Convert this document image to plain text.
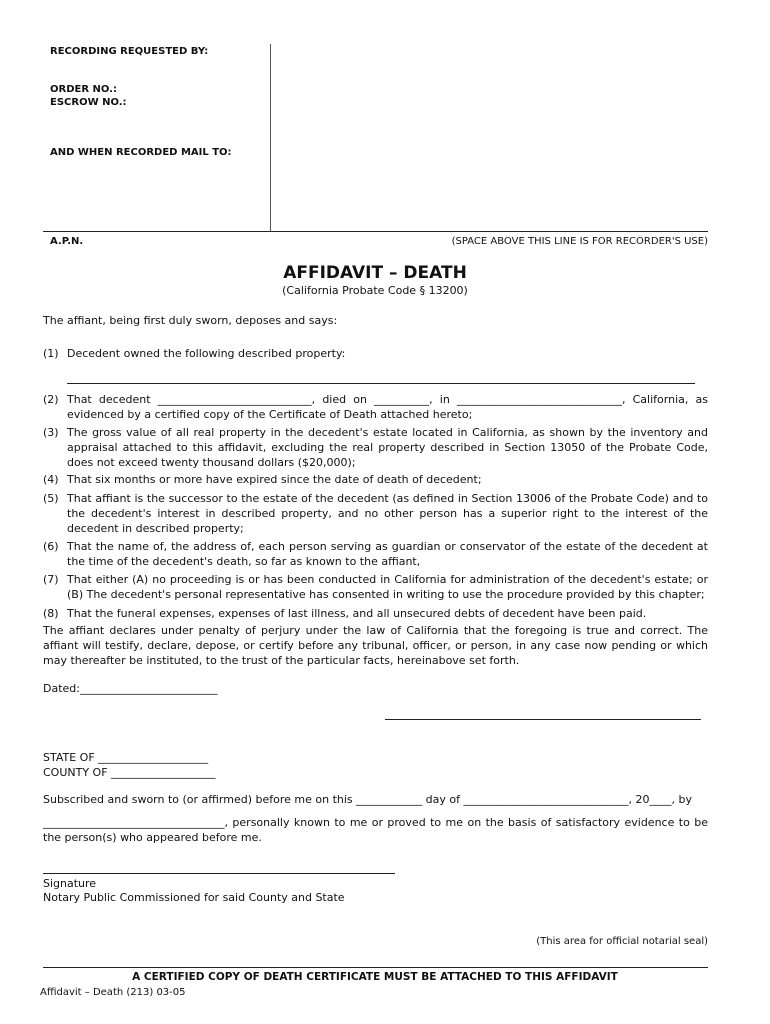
RECORDING REQUESTED BY:
ORDER NO.:
ESCROW NO.:
AND WHEN RECORDED MAIL TO:
A.P.N.	(SPACE ABOVE THIS LINE IS FOR RECORDER'S USE)
AFFIDAVIT – DEATH
(California Probate Code § 13200)
The affiant, being first duly sworn, deposes and says:
(1) Decedent owned the following described property:
(2) That decedent ____________________________, died on __________, in ______________________________, California, as evidenced by a certified copy of the Certificate of Death attached hereto;
(3) The gross value of all real property in the decedent's estate located in California, as shown by the inventory and appraisal attached to this affidavit, excluding the real property described in Section 13050 of the Probate Code, does not exceed twenty thousand dollars ($20,000);
(4) That six months or more have expired since the date of death of decedent;
(5) That affiant is the successor to the estate of the decedent (as defined in Section 13006 of the Probate Code) and to the decedent's interest in described property, and no other person has a superior right to the interest of the decedent in described property;
(6) That the name of, the address of, each person serving as guardian or conservator of the estate of the decedent at the time of the decedent's death, so far as known to the affiant,
(7) That either (A) no proceeding is or has been conducted in California for administration of the decedent's estate; or (B) The decedent's personal representative has consented in writing to use the procedure provided by this chapter;
(8) That the funeral expenses, expenses of last illness, and all unsecured debts of decedent have been paid.
The affiant declares under penalty of perjury under the law of California that the foregoing is true and correct. The affiant will testify, declare, depose, or certify before any tribunal, officer, or person, in any case now pending or which may thereafter be instituted, to the trust of the particular facts, hereinabove set forth.
Dated:_________________________
STATE OF ____________________
COUNTY OF ___________________
Subscribed and sworn to (or affirmed) before me on this ____________ day of ______________________________, 20____, by
_________________________________, personally known to me or proved to me on the basis of satisfactory evidence to be the person(s) who appeared before me.
Signature
Notary Public Commissioned for said County and State
(This area for official notarial seal)
A CERTIFIED COPY OF DEATH CERTIFICATE MUST BE ATTACHED TO THIS AFFIDAVIT
Affidavit – Death (213) 03-05
